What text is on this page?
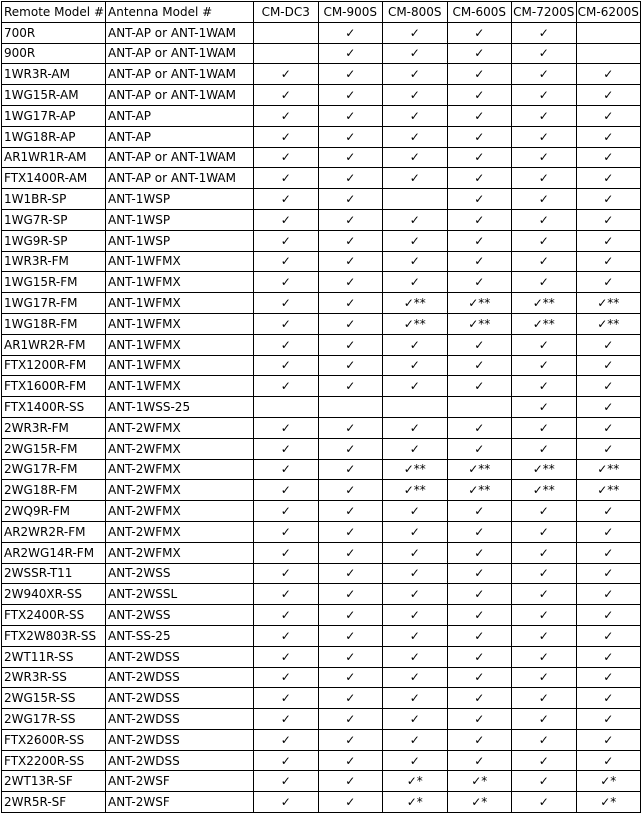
Remote Model #	Antenna Model #	CM-DC3	CM-900S	CM-800S	CM-600S	CM-7200S	CM-6200S
700R	ANT-AP or ANT-1WAM		✓	✓	✓	✓	
900R	ANT-AP or ANT-1WAM		✓	✓	✓	✓	
1WR3R-AM	ANT-AP or ANT-1WAM	✓	✓	✓	✓	✓	✓
1WG15R-AM	ANT-AP or ANT-1WAM	✓	✓	✓	✓	✓	✓
1WG17R-AP	ANT-AP	✓	✓	✓	✓	✓	✓
1WG18R-AP	ANT-AP	✓	✓	✓	✓	✓	✓
AR1WR1R-AM	ANT-AP or ANT-1WAM	✓	✓	✓	✓	✓	✓
FTX1400R-AM	ANT-AP or ANT-1WAM	✓	✓	✓	✓	✓	✓
1W1BR-SP	ANT-1WSP	✓	✓		✓	✓	✓
1WG7R-SP	ANT-1WSP	✓	✓	✓	✓	✓	✓
1WG9R-SP	ANT-1WSP	✓	✓	✓	✓	✓	✓
1WR3R-FM	ANT-1WFMX	✓	✓	✓	✓	✓	✓
1WG15R-FM	ANT-1WFMX	✓	✓	✓	✓	✓	✓
1WG17R-FM	ANT-1WFMX	✓	✓	✓**	✓**	✓**	✓**
1WG18R-FM	ANT-1WFMX	✓	✓	✓**	✓**	✓**	✓**
AR1WR2R-FM	ANT-1WFMX	✓	✓	✓	✓	✓	✓
FTX1200R-FM	ANT-1WFMX	✓	✓	✓	✓	✓	✓
FTX1600R-FM	ANT-1WFMX	✓	✓	✓	✓	✓	✓
FTX1400R-SS	ANT-1WSS-25					✓	✓
2WR3R-FM	ANT-2WFMX	✓	✓	✓	✓	✓	✓
2WG15R-FM	ANT-2WFMX	✓	✓	✓	✓	✓	✓
2WG17R-FM	ANT-2WFMX	✓	✓	✓**	✓**	✓**	✓**
2WG18R-FM	ANT-2WFMX	✓	✓	✓**	✓**	✓**	✓**
2WQ9R-FM	ANT-2WFMX	✓	✓	✓	✓	✓	✓
AR2WR2R-FM	ANT-2WFMX	✓	✓	✓	✓	✓	✓
AR2WG14R-FM	ANT-2WFMX	✓	✓	✓	✓	✓	✓
2WSSR-T11	ANT-2WSS	✓	✓	✓	✓	✓	✓
2W940XR-SS	ANT-2WSSL	✓	✓	✓	✓	✓	✓
FTX2400R-SS	ANT-2WSS	✓	✓	✓	✓	✓	✓
FTX2W803R-SS	ANT-SS-25	✓	✓	✓	✓	✓	✓
2WT11R-SS	ANT-2WDSS	✓	✓	✓	✓	✓	✓
2WR3R-SS	ANT-2WDSS	✓	✓	✓	✓	✓	✓
2WG15R-SS	ANT-2WDSS	✓	✓	✓	✓	✓	✓
2WG17R-SS	ANT-2WDSS	✓	✓	✓	✓	✓	✓
FTX2600R-SS	ANT-2WDSS	✓	✓	✓	✓	✓	✓
FTX2200R-SS	ANT-2WDSS	✓	✓	✓	✓	✓	✓
2WT13R-SF	ANT-2WSF	✓	✓	✓*	✓*	✓	✓*
2WR5R-SF	ANT-2WSF	✓	✓	✓*	✓*	✓	✓*
